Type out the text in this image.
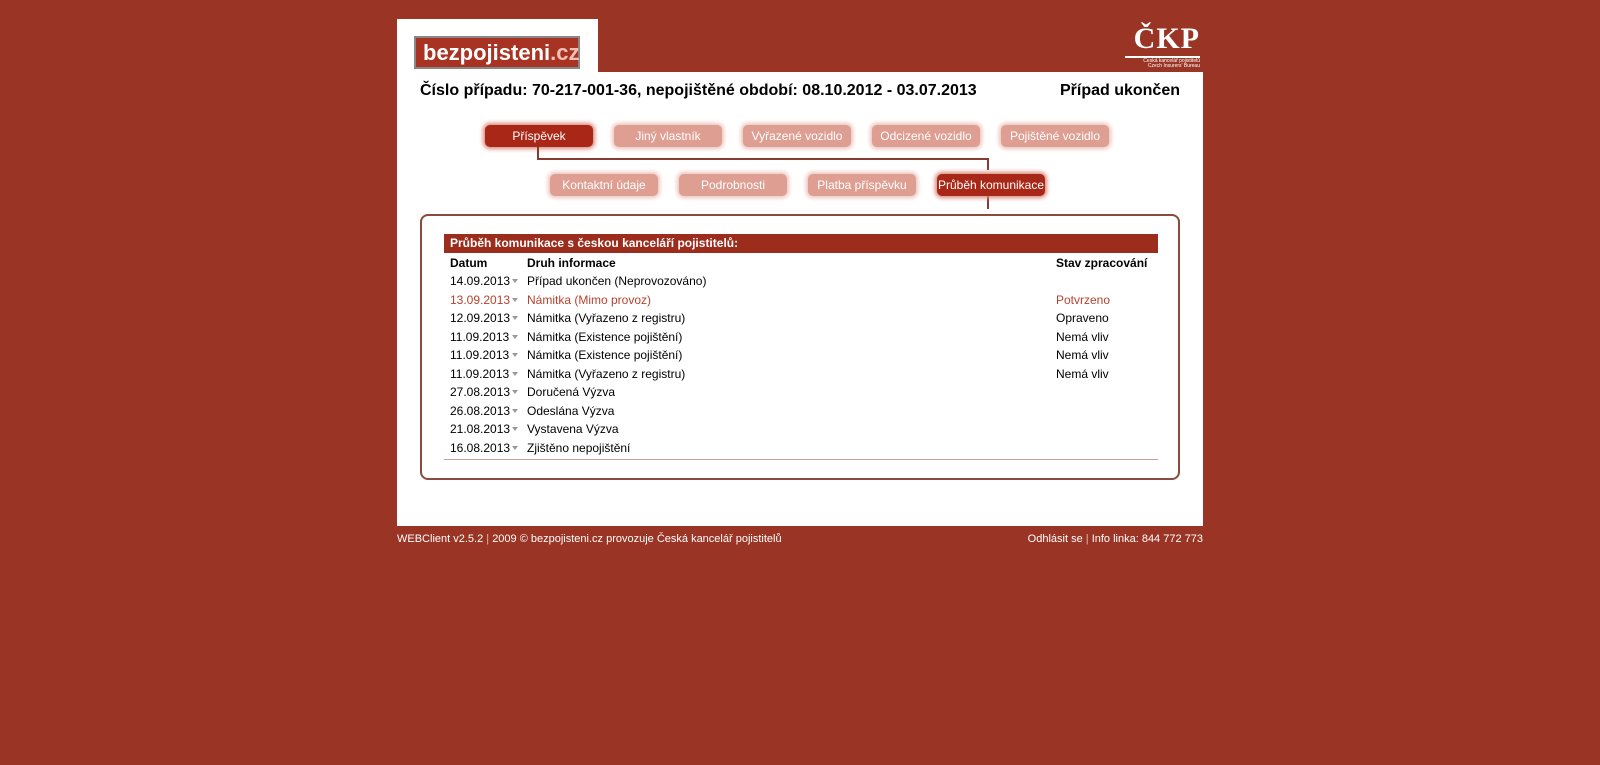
bezpojisteni.cz	ČKP
Česká kancelář pojistitelů
Czech Insurers' Bureau
Číslo případu: 70-217-001-36, nepojištěné období: 08.10.2012 - 03.07.2013	Případ ukončen
Příspěvek	Jiný vlastník	Vyřazené vozidlo	Odcizené vozidlo	Pojištěné vozidlo
Kontaktní údaje	Podrobnosti	Platba příspěvku	Průběh komunikace
Průběh komunikace s českou kanceláří pojistitelů:
Datum	Druh informace	Stav zpracování
14.09.2013 Případ ukončen (Neprovozováno)
13.09.2013 Námitka (Mimo provoz)	Potvrzeno
12.09.2013 Námitka (Vyřazeno z registru)	Opraveno
11.09.2013 Námitka (Existence pojištění)	Nemá vliv
11.09.2013 Námitka (Existence pojištění)	Nemá vliv
11.09.2013 Námitka (Vyřazeno z registru)	Nemá vliv
27.08.2013 Doručená Výzva
26.08.2013 Odeslána Výzva
21.08.2013 Vystavena Výzva
16.08.2013 Zjištěno nepojištění
WEBClient v2.5.2 | 2009 © bezpojisteni.cz provozuje Česká kancelář pojistitelů	Odhlásit se | Info linka: 844 772 773
